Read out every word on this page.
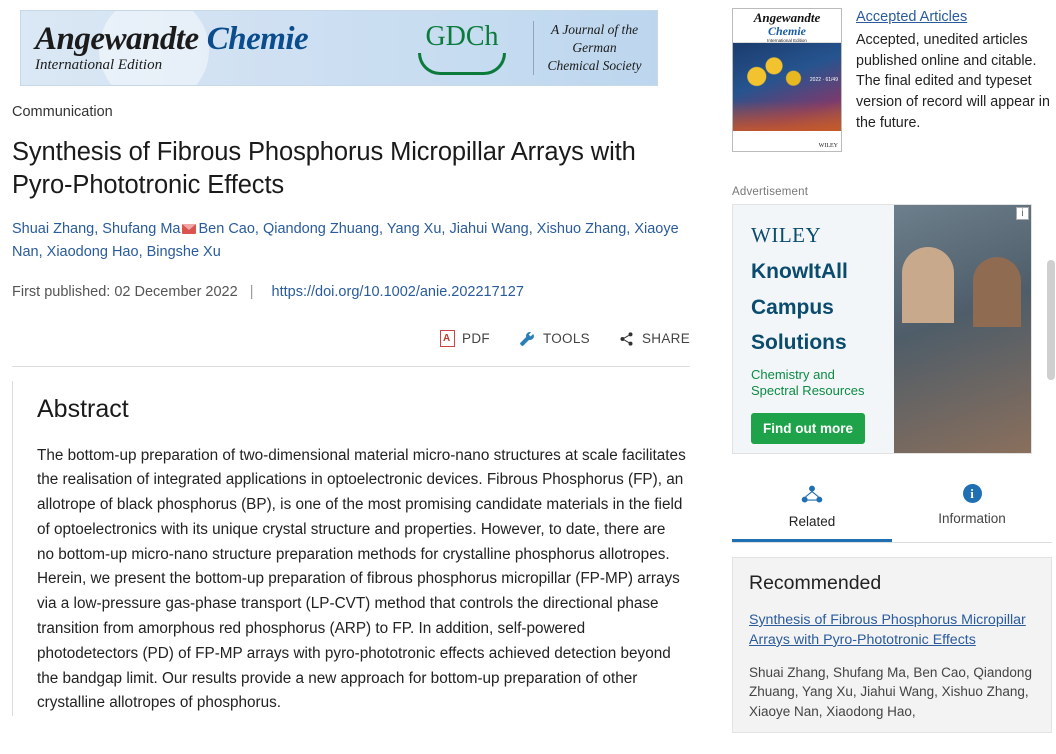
Angewandte Chemie
International Edition
GDCh	A Journal of the
German
Chemical Society
Communication
Synthesis of Fibrous Phosphorus Micropillar Arrays with Pyro-Phototronic Effects
Shuai Zhang, Shufang Ma Ben Cao, Qiandong Zhuang, Yang Xu, Jiahui Wang, Xishuo Zhang, Xiaoye Nan, Xiaodong Hao, Bingshe Xu
First published: 02 December 2022 | https://doi.org/10.1002/anie.202217127
A
PDF	TOOLS	SHARE
Abstract

The bottom-up preparation of two-dimensional material micro-nano structures at scale facilitates the realisation of integrated applications in optoelectronic devices. Fibrous Phosphorus (FP), an allotrope of black phosphorus (BP), is one of the most promising candidate materials in the field of optoelectronics with its unique crystal structure and properties. However, to date, there are no bottom-up micro-nano structure preparation methods for crystalline phosphorus allotropes. Herein, we present the bottom-up preparation of fibrous phosphorus micropillar (FP-MP) arrays via a low-pressure gas-phase transport (LP-CVT) method that controls the directional phase transition from amorphous red phosphorus (ARP) to FP. In addition, self-powered photodetectors (PD) of FP-MP arrays with pyro-phototronic effects achieved detection beyond the bandgap limit. Our results provide a new approach for bottom-up preparation of other crystalline allotropes of phosphorus.

Angewandte
Chemie
International Edition
2022 · 61/49
WILEY
Accepted Articles
Accepted, unedited articles published online and citable. The final edited and typeset version of record will appear in the future.
Advertisement
i
WILEY
KnowItAll
Campus
Solutions
Chemistry and
Spectral Resources
Find out more
Related
i
Information
Recommended
Synthesis of Fibrous Phosphorus Micropillar Arrays with Pyro-Phototronic Effects
Shuai Zhang, Shufang Ma, Ben Cao, Qiandong Zhuang, Yang Xu, Jiahui Wang, Xishuo Zhang, Xiaoye Nan, Xiaodong Hao,
